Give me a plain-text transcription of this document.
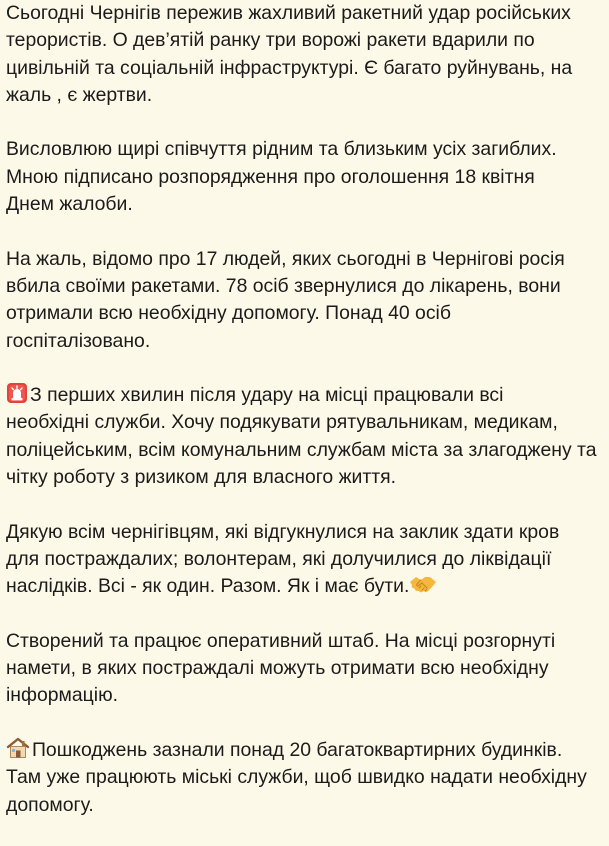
Сьогодні Чернігів пережив жахливий ракетний удар російських
терористів. О дев’ятій ранку три ворожі ракети вдарили по
цивільній та соціальній інфраструктурі. Є багато руйнувань, на
жаль , є жертви.

Висловлюю щирі співчуття рідним та близьким усіх загиблих.
Мною підписано розпорядження про оголошення 18 квітня
Днем жалоби.

На жаль, відомо про 17 людей, яких сьогодні в Чернігові росія
вбила своїми ракетами. 78 осіб звернулися до лікарень, вони
отримали всю необхідну допомогу. Понад 40 осіб
госпіталізовано.

З перших хвилин після удару на місці працювали всі
необхідні служби. Хочу подякувати рятувальникам, медикам,
поліцейським, всім комунальним службам міста за злагоджену та
чітку роботу з ризиком для власного життя.

Дякую всім чернігівцям, які відгукнулися на заклик здати кров
для постраждалих; волонтерам, які долучилися до ліквідації
наслідків. Всі - як один. Разом. Як і має бути.

Створений та працює оперативний штаб. На місці розгорнуті
намети, в яких постраждалі можуть отримати всю необхідну
інформацію.

Пошкоджень зазнали понад 20 багатоквартирних будинків.
Там уже працюють міські служби, щоб швидко надати необхідну
допомогу.
